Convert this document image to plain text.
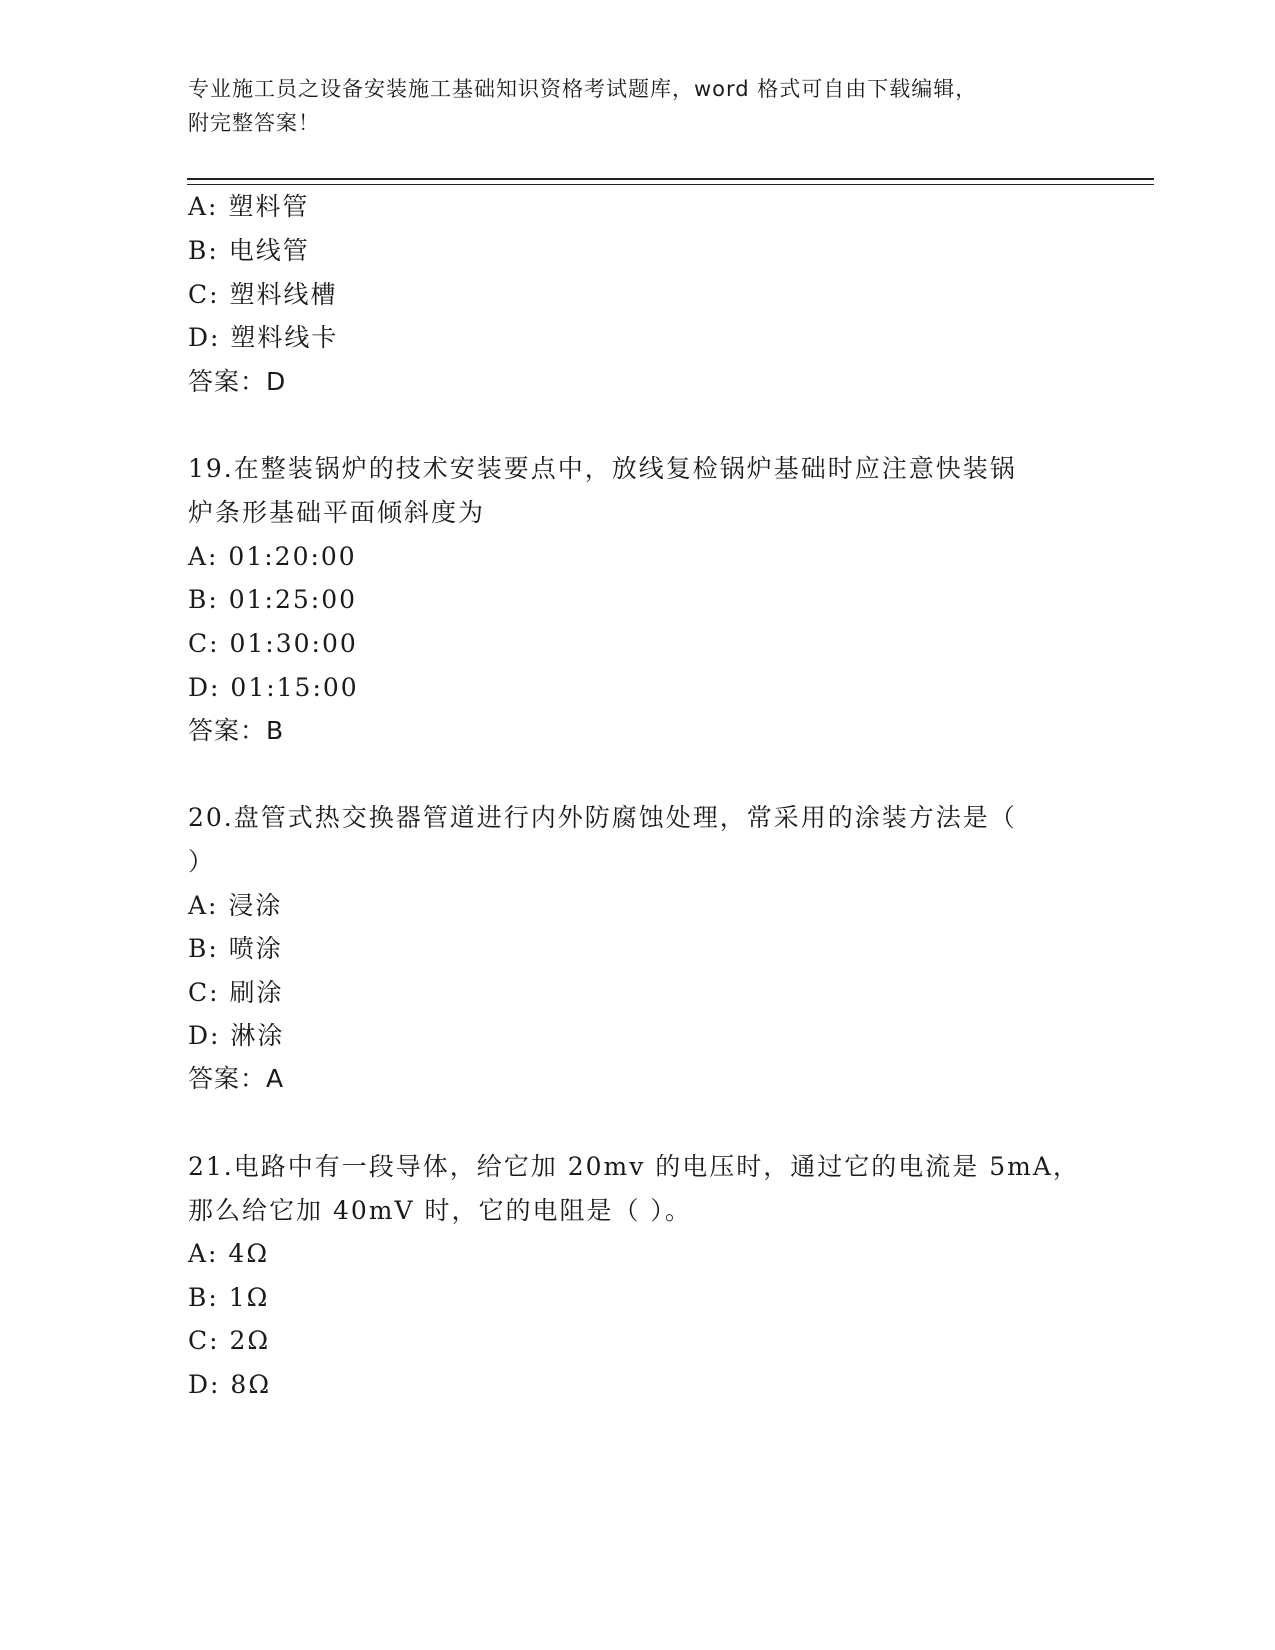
专业施工员之设备安装施工基础知识资格考试题库，word 格式可自由下载编辑，
附完整答案！
A: 塑料管
B: 电线管
C: 塑料线槽
D: 塑料线卡
答案：D
19.在整装锅炉的技术安装要点中，放线复检锅炉基础时应注意快装锅
炉条形基础平面倾斜度为
A: 01:20:00
B: 01:25:00
C: 01:30:00
D: 01:15:00
答案：B
20.盘管式热交换器管道进行内外防腐蚀处理，常采用的涂装方法是（
）
A: 浸涂
B: 喷涂
C: 刷涂
D: 淋涂
答案：A
21.电路中有一段导体，给它加 20mv 的电压时，通过它的电流是 5mA，
那么给它加 40mV 时，它的电阻是（ ）。
A: 4Ω
B: 1Ω
C: 2Ω
D: 8Ω
